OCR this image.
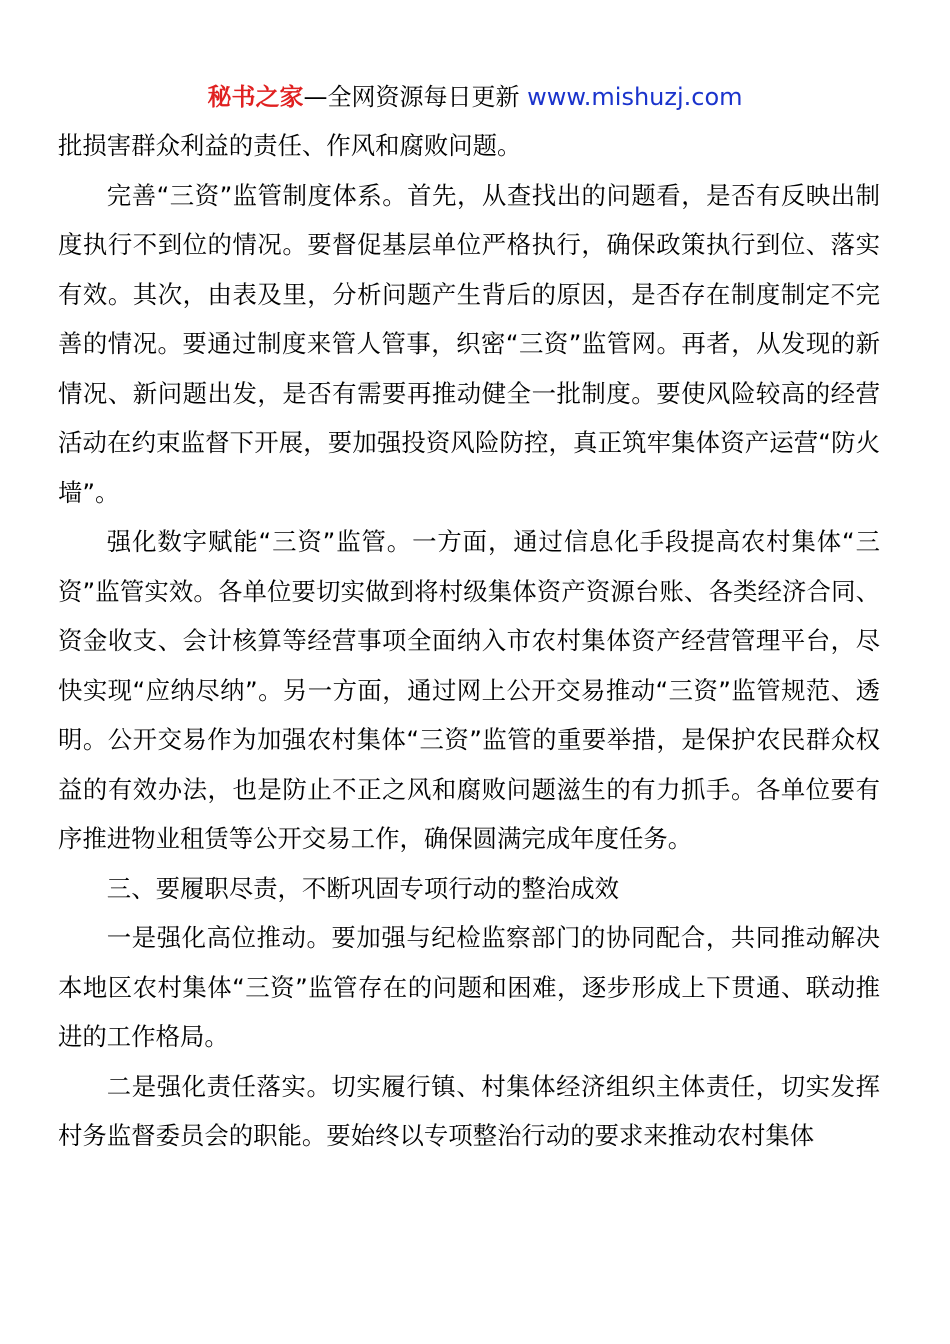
秘书之家—全网资源每日更新 www.mishuzj.com

批损害群众利益的责任、作风和腐败问题。

完善“三资”监管制度体系。首先，从查找出的问题看，是否有反映出制度执行不到位的情况。要督促基层单位严格执行，确保政策执行到位、落实有效。其次，由表及里，分析问题产生背后的原因，是否存在制度制定不完善的情况。要通过制度来管人管事，织密“三资”监管网。再者，从发现的新情况、新问题出发，是否有需要再推动健全一批制度。要使风险较高的经营活动在约束监督下开展，要加强投资风险防控，真正筑牢集体资产运营“防火墙”。

强化数字赋能“三资”监管。一方面，通过信息化手段提高农村集体“三资”监管实效。各单位要切实做到将村级集体资产资源台账、各类经济合同、资金收支、会计核算等经营事项全面纳入市农村集体资产经营管理平台，尽快实现“应纳尽纳”。另一方面，通过网上公开交易推动“三资”监管规范、透明。公开交易作为加强农村集体“三资”监管的重要举措，是保护农民群众权益的有效办法，也是防止不正之风和腐败问题滋生的有力抓手。各单位要有序推进物业租赁等公开交易工作，确保圆满完成年度任务。

三、要履职尽责，不断巩固专项行动的整治成效

一是强化高位推动。要加强与纪检监察部门的协同配合，共同推动解决本地区农村集体“三资”监管存在的问题和困难，逐步形成上下贯通、联动推进的工作格局。

二是强化责任落实。切实履行镇、村集体经济组织主体责任，切实发挥村务监督委员会的职能。要始终以专项整治行动的要求来推动农村集体
